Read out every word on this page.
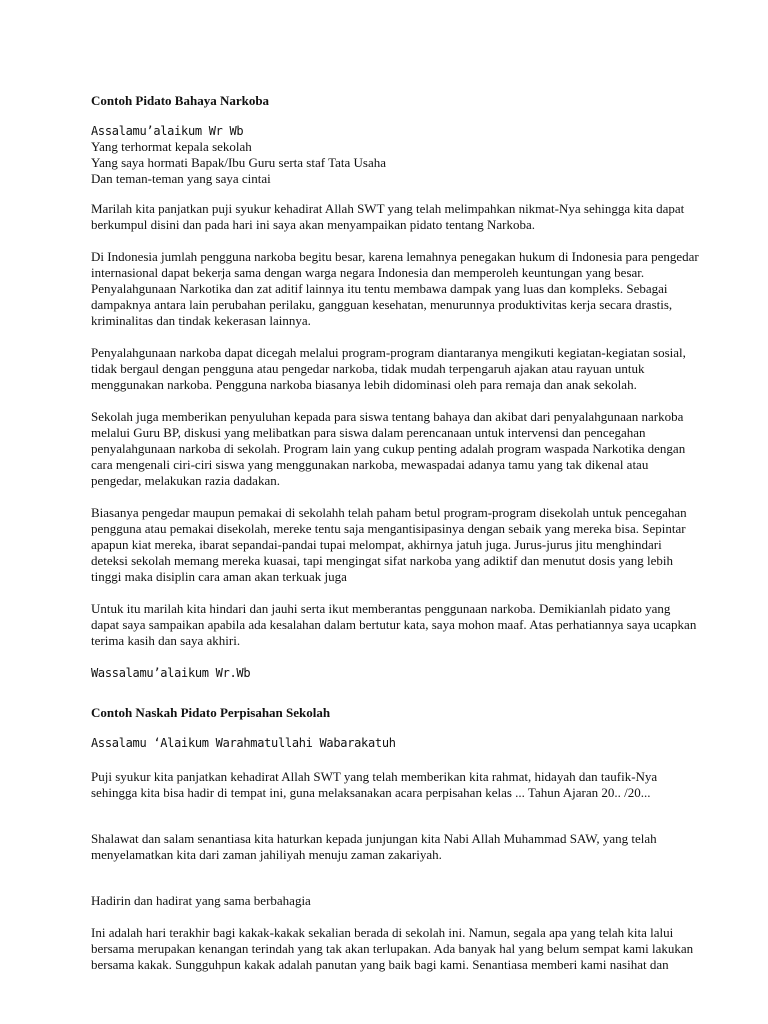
Contoh Pidato Bahaya Narkoba
Assalamu’alaikum Wr Wb
Yang terhormat kepala sekolah
Yang saya hormati Bapak/Ibu Guru serta staf Tata Usaha
Dan teman-teman yang saya cintai
Marilah kita panjatkan puji syukur kehadirat Allah SWT yang telah melimpahkan nikmat-Nya sehingga kita dapat
berkumpul disini dan pada hari ini saya akan menyampaikan pidato tentang Narkoba.
Di Indonesia jumlah pengguna narkoba begitu besar, karena lemahnya penegakan hukum di Indonesia para pengedar
internasional dapat bekerja sama dengan warga negara Indonesia dan memperoleh keuntungan yang besar.
Penyalahgunaan Narkotika dan zat aditif lainnya itu tentu membawa dampak yang luas dan kompleks. Sebagai
dampaknya antara lain perubahan perilaku, gangguan kesehatan, menurunnya produktivitas kerja secara drastis,
kriminalitas dan tindak kekerasan lainnya.
Penyalahgunaan narkoba dapat dicegah melalui program-program diantaranya mengikuti kegiatan-kegiatan sosial,
tidak bergaul dengan pengguna atau pengedar narkoba, tidak mudah terpengaruh ajakan atau rayuan untuk
menggunakan narkoba. Pengguna narkoba biasanya lebih didominasi oleh para remaja dan anak sekolah.
Sekolah juga memberikan penyuluhan kepada para siswa tentang bahaya dan akibat dari penyalahgunaan narkoba
melalui Guru BP, diskusi yang melibatkan para siswa dalam perencanaan untuk intervensi dan pencegahan
penyalahgunaan narkoba di sekolah. Program lain yang cukup penting adalah program waspada Narkotika dengan
cara mengenali ciri-ciri siswa yang menggunakan narkoba, mewaspadai adanya tamu yang tak dikenal atau
pengedar, melakukan razia dadakan.
Biasanya pengedar maupun pemakai di sekolahh telah paham betul program-program disekolah untuk pencegahan
pengguna atau pemakai disekolah, mereke tentu saja mengantisipasinya dengan sebaik yang mereka bisa. Sepintar
apapun kiat mereka, ibarat sepandai-pandai tupai melompat, akhirnya jatuh juga. Jurus-jurus jitu menghindari
deteksi sekolah memang mereka kuasai, tapi mengingat sifat narkoba yang adiktif dan menutut dosis yang lebih
tinggi maka disiplin cara aman akan terkuak juga
Untuk itu marilah kita hindari dan jauhi serta ikut memberantas penggunaan narkoba. Demikianlah pidato yang
dapat saya sampaikan apabila ada kesalahan dalam bertutur kata, saya mohon maaf. Atas perhatiannya saya ucapkan
terima kasih dan saya akhiri.
Wassalamu’alaikum Wr.Wb
Contoh Naskah Pidato Perpisahan Sekolah
Assalamu ‘Alaikum Warahmatullahi Wabarakatuh
Puji syukur kita panjatkan kehadirat Allah SWT yang telah memberikan kita rahmat, hidayah dan taufik-Nya
sehingga kita bisa hadir di tempat ini, guna melaksanakan acara perpisahan kelas ... Tahun Ajaran 20.. /20...
Shalawat dan salam senantiasa kita haturkan kepada junjungan kita Nabi Allah Muhammad SAW, yang telah
menyelamatkan kita dari zaman jahiliyah menuju zaman zakariyah.
Hadirin dan hadirat yang sama berbahagia
Ini adalah hari terakhir bagi kakak-kakak sekalian berada di sekolah ini. Namun, segala apa yang telah kita lalui
bersama merupakan kenangan terindah yang tak akan terlupakan. Ada banyak hal yang belum sempat kami lakukan
bersama kakak. Sungguhpun kakak adalah panutan yang baik bagi kami. Senantiasa memberi kami nasihat dan
